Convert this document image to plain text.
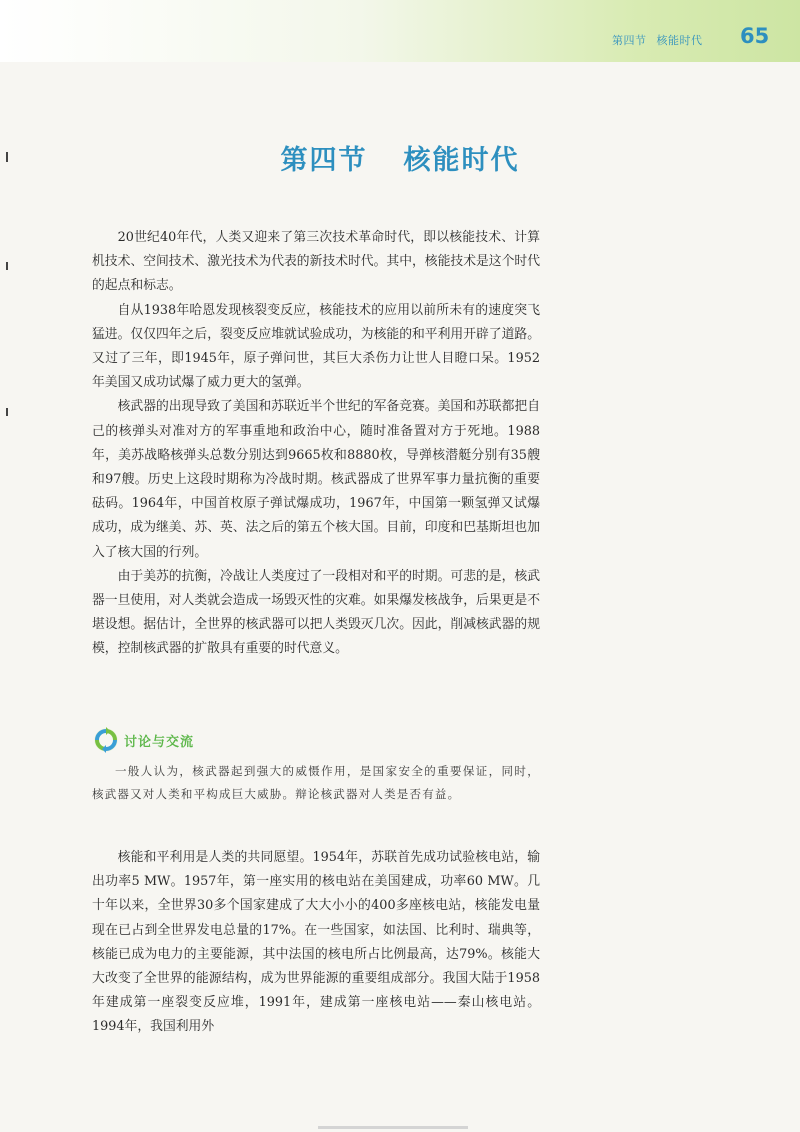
第四节 核能时代	65
第四节 核能时代

20世纪40年代，人类又迎来了第三次技术革命时代，即以核能技术、计算机技术、空间技术、激光技术为代表的新技术时代。其中，核能技术是这个时代的起点和标志。

自从1938年哈恩发现核裂变反应，核能技术的应用以前所未有的速度突飞猛进。仅仅四年之后，裂变反应堆就试验成功，为核能的和平利用开辟了道路。又过了三年，即1945年，原子弹问世，其巨大杀伤力让世人目瞪口呆。1952年美国又成功试爆了威力更大的氢弹。

核武器的出现导致了美国和苏联近半个世纪的军备竞赛。美国和苏联都把自己的核弹头对准对方的军事重地和政治中心，随时准备置对方于死地。1988年，美苏战略核弹头总数分别达到9665枚和8880枚，导弹核潜艇分别有35艘和97艘。历史上这段时期称为冷战时期。核武器成了世界军事力量抗衡的重要砝码。1964年，中国首枚原子弹试爆成功，1967年，中国第一颗氢弹又试爆成功，成为继美、苏、英、法之后的第五个核大国。目前，印度和巴基斯坦也加入了核大国的行列。

由于美苏的抗衡，冷战让人类度过了一段相对和平的时期。可悲的是，核武器一旦使用，对人类就会造成一场毁灭性的灾难。如果爆发核战争，后果更是不堪设想。据估计，全世界的核武器可以把人类毁灭几次。因此，削减核武器的规模，控制核武器的扩散具有重要的时代意义。

讨论与交流

一般人认为，核武器起到强大的威慑作用，是国家安全的重要保证，同时，核武器又对人类和平构成巨大威胁。辩论核武器对人类是否有益。

核能和平利用是人类的共同愿望。1954年，苏联首先成功试验核电站，输出功率5 MW。1957年，第一座实用的核电站在美国建成，功率60 MW。几十年以来，全世界30多个国家建成了大大小小的400多座核电站，核能发电量现在已占到全世界发电总量的17%。在一些国家，如法国、比利时、瑞典等，核能已成为电力的主要能源，其中法国的核电所占比例最高，达79%。核能大大改变了全世界的能源结构，成为世界能源的重要组成部分。我国大陆于1958年建成第一座裂变反应堆，1991年，建成第一座核电站——秦山核电站。1994年，我国利用外
